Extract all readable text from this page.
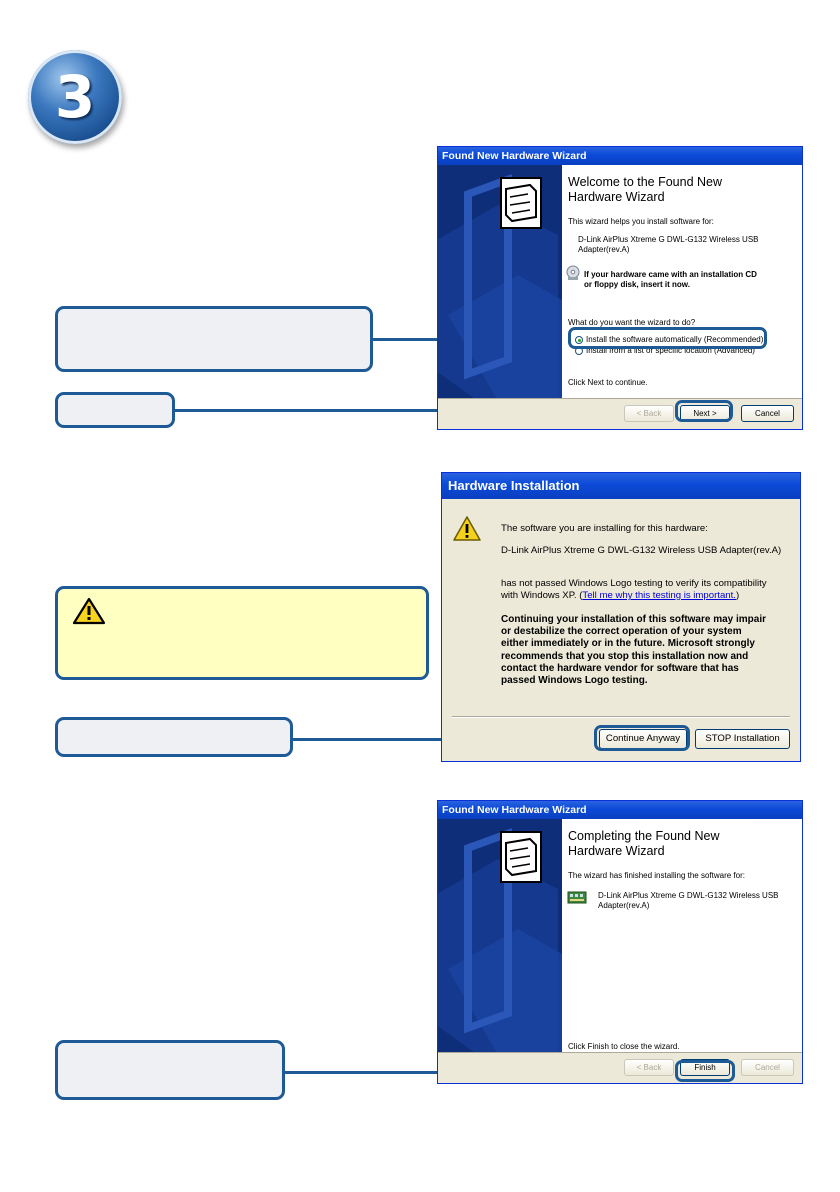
3
Found New Hardware Wizard
Welcome to the Found New
Hardware Wizard
This wizard helps you install software for:
D-Link AirPlus Xtreme G DWL-G132 Wireless USB
Adapter(rev.A)
If your hardware came with an installation CD
or floppy disk, insert it now.
What do you want the wizard to do?
Install the software automatically (Recommended)
Install from a list or specific location (Advanced)
Click Next to continue.
< Back	Next >	Cancel
Hardware Installation
The software you are installing for this hardware:
D-Link AirPlus Xtreme G DWL-G132 Wireless USB Adapter(rev.A)
has not passed Windows Logo testing to verify its compatibility
with Windows XP. (Tell me why this testing is important.)
Continuing your installation of this software may impair
or destabilize the correct operation of your system
either immediately or in the future. Microsoft strongly
recommends that you stop this installation now and
contact the hardware vendor for software that has
passed Windows Logo testing.
Continue Anyway	STOP Installation
Found New Hardware Wizard
Completing the Found New
Hardware Wizard
The wizard has finished installing the software for:
D-Link AirPlus Xtreme G DWL-G132 Wireless USB
Adapter(rev.A)
Click Finish to close the wizard.
< Back	Finish	Cancel
